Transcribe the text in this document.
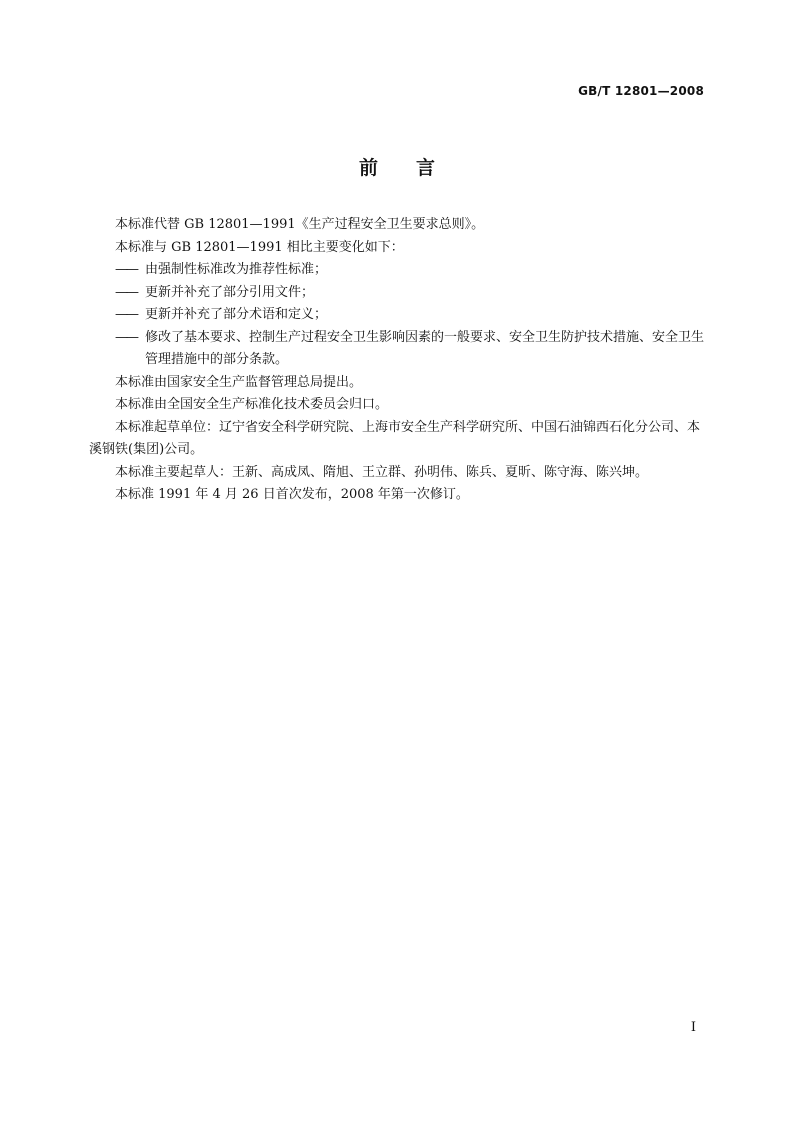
GB/T 12801—2008
前 言

本标准代替 GB 12801—1991《生产过程安全卫生要求总则》。

本标准与 GB 12801—1991 相比主要变化如下：

—— 由强制性标准改为推荐性标准；

—— 更新并补充了部分引用文件；

—— 更新并补充了部分术语和定义；

—— 修改了基本要求、控制生产过程安全卫生影响因素的一般要求、安全卫生防护技术措施、安全卫生管理措施中的部分条款。

本标准由国家安全生产监督管理总局提出。

本标准由全国安全生产标准化技术委员会归口。

本标准起草单位：辽宁省安全科学研究院、上海市安全生产科学研究所、中国石油锦西石化分公司、本溪钢铁(集团)公司。

本标准主要起草人：王新、高成凤、隋旭、王立群、孙明伟、陈兵、夏昕、陈守海、陈兴坤。

本标准 1991 年 4 月 26 日首次发布，2008 年第一次修订。

I
